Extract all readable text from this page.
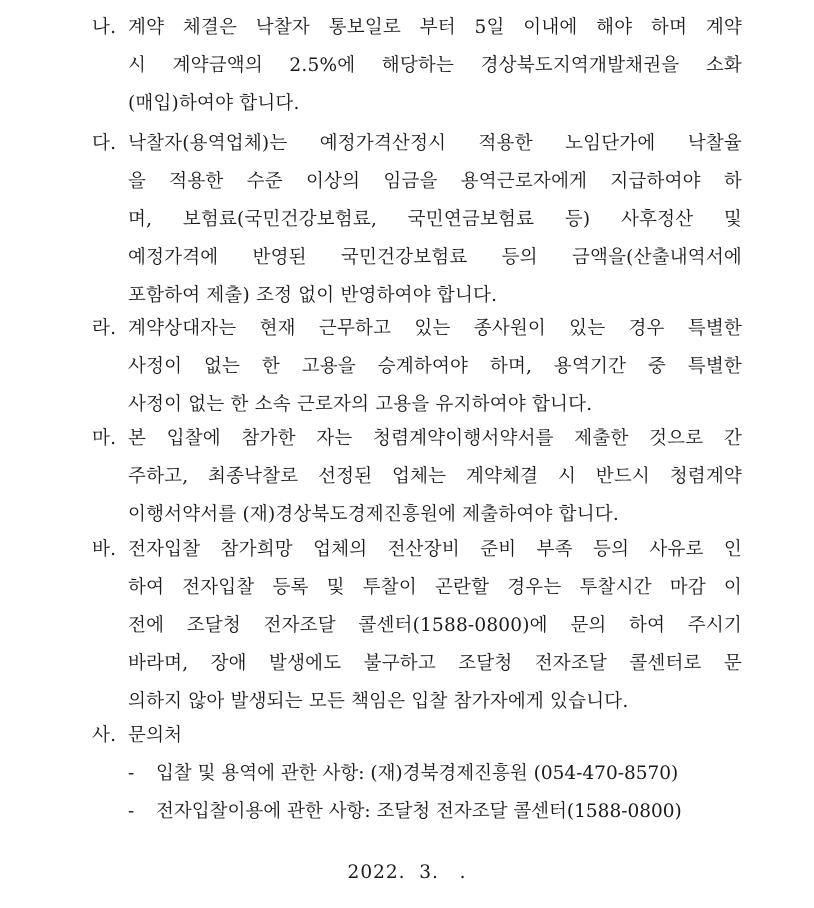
나. 계약 체결은 낙찰자 통보일로 부터 5일 이내에 해야 하며 계약
시 계약금액의 2.5%에 해당하는 경상북도지역개발채권을 소화
(매입)하여야 합니다.
다. 낙찰자(용역업체)는 예정가격산정시 적용한 노임단가에 낙찰율
을 적용한 수준 이상의 임금을 용역근로자에게 지급하여야 하
며, 보험료(국민건강보험료, 국민연금보험료 등) 사후정산 및
예정가격에 반영된 국민건강보험료 등의 금액을(산출내역서에
포함하여 제출) 조정 없이 반영하여야 합니다.
라. 계약상대자는 현재 근무하고 있는 종사원이 있는 경우 특별한
사정이 없는 한 고용을 승계하여야 하며, 용역기간 중 특별한
사정이 없는 한 소속 근로자의 고용을 유지하여야 합니다.
마. 본 입찰에 참가한 자는 청렴계약이행서약서를 제출한 것으로 간
주하고, 최종낙찰로 선정된 업체는 계약체결 시 반드시 청렴계약
이행서약서를 (재)경상북도경제진흥원에 제출하여야 합니다.
바. 전자입찰 참가희망 업체의 전산장비 준비 부족 등의 사유로 인
하여 전자입찰 등록 및 투찰이 곤란할 경우는 투찰시간 마감 이
전에 조달청 전자조달 콜센터(1588-0800)에 문의 하여 주시기
바라며, 장애 발생에도 불구하고 조달청 전자조달 콜센터로 문
의하지 않아 발생되는 모든 책임은 입찰 참가자에게 있습니다.
사. 문의처
- 입찰 및 용역에 관한 사항: (재)경북경제진흥원 (054-470-8570)
- 전자입찰이용에 관한 사항: 조달청 전자조달 콜센터(1588-0800)
2022.  3.   .
